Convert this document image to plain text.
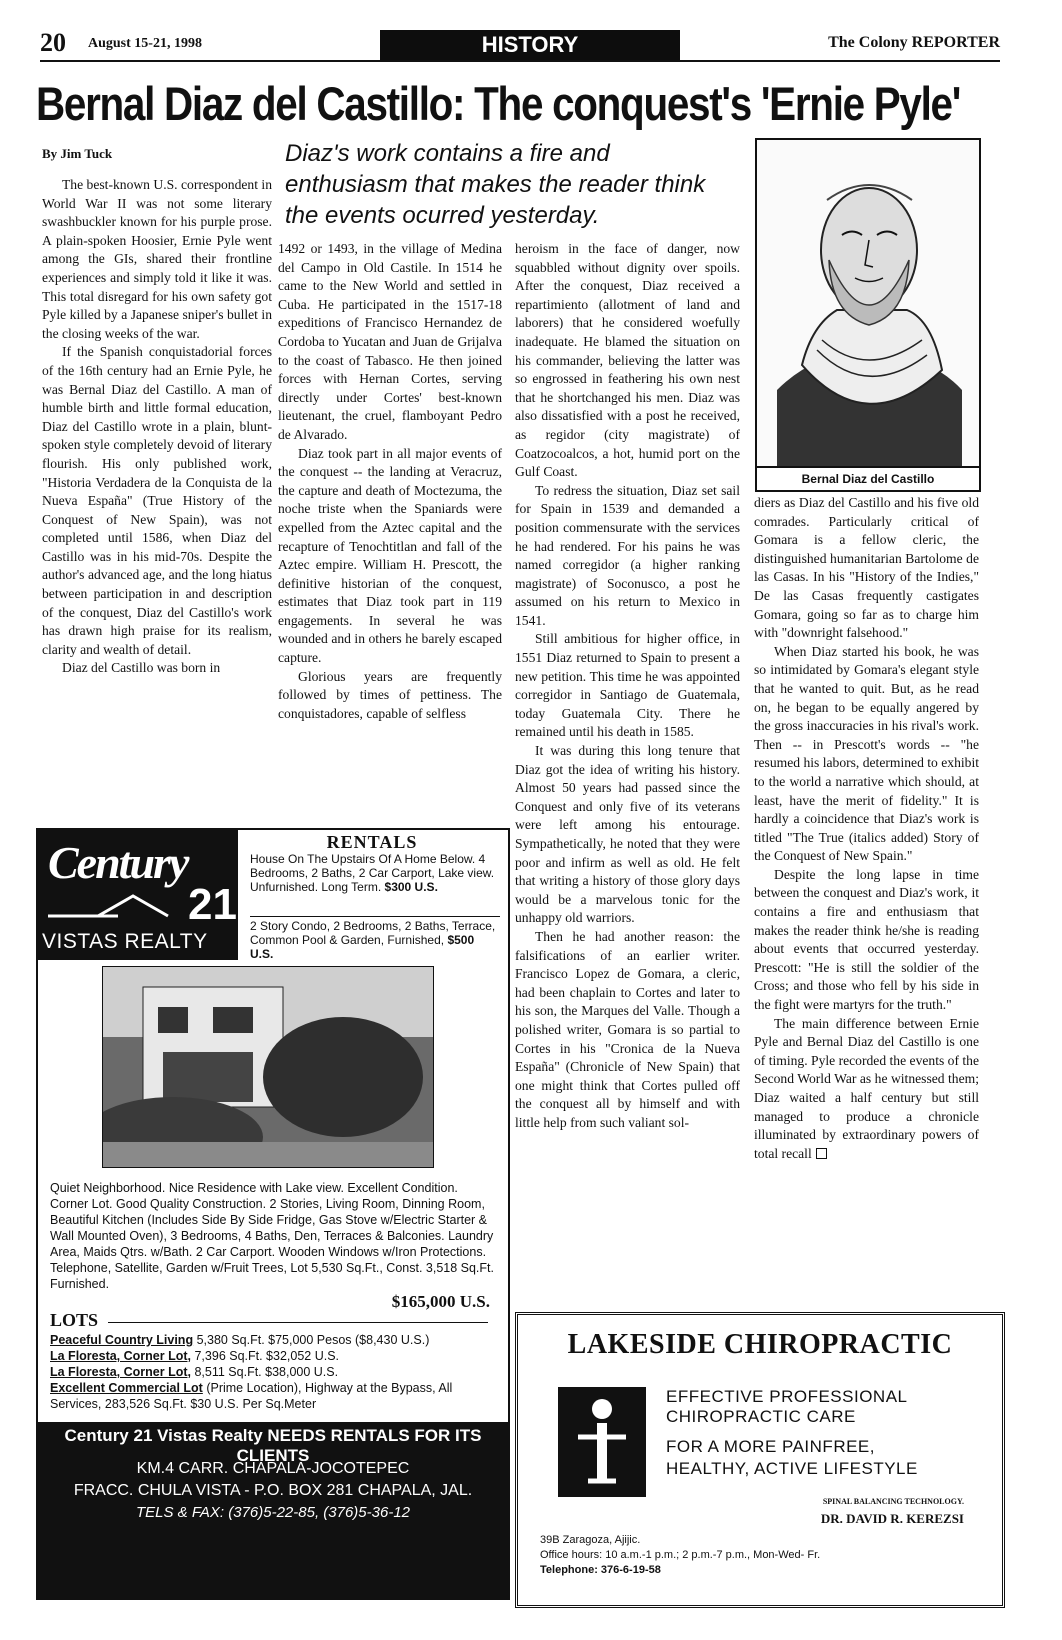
20 August 15-21, 1998	HISTORY	The Colony REPORTER
Bernal Diaz del Castillo: The conquest's 'Ernie Pyle'
By Jim Tuck	Diaz's work contains a fire and enthusiasm that makes the reader think the events ocurred yesterday.

The best-known U.S. correspondent in World War II was not some literary swashbuckler known for his purple prose. A plain-spoken Hoosier, Ernie Pyle went among the GIs, shared their frontline experiences and simply told it like it was. This total disregard for his own safety got Pyle killed by a Japanese sniper's bullet in the closing weeks of the war.

If the Spanish conquistadorial forces of the 16th century had an Ernie Pyle, he was Bernal Diaz del Castillo. A man of humble birth and little formal education, Diaz del Castillo wrote in a plain, blunt-spoken style completely devoid of literary flourish. His only published work, "Historia Verdadera de la Conquista de la Nueva España" (True History of the Conquest of New Spain), was not completed until 1586, when Diaz del Castillo was in his mid-70s. Despite the author's advanced age, and the long hiatus between participation in and description of the conquest, Diaz del Castillo's work has drawn high praise for its realism, clarity and wealth of detail.

Diaz del Castillo was born in

1492 or 1493, in the village of Medina del Campo in Old Castile. In 1514 he came to the New World and settled in Cuba. He participated in the 1517-18 expeditions of Francisco Hernandez de Cordoba to Yucatan and Juan de Grijalva to the coast of Tabasco. He then joined forces with Hernan Cortes, serving directly under Cortes' best-known lieutenant, the cruel, flamboyant Pedro de Alvarado.

Diaz took part in all major events of the conquest -- the landing at Veracruz, the capture and death of Moctezuma, the noche triste when the Spaniards were expelled from the Aztec capital and the recapture of Tenochtitlan and fall of the Aztec empire. William H. Prescott, the definitive historian of the conquest, estimates that Diaz took part in 119 engagements. In several he was wounded and in others he barely escaped capture.

Glorious years are frequently followed by times of pettiness. The conquistadores, capable of selfless

heroism in the face of danger, now squabbled without dignity over spoils. After the conquest, Diaz received a repartimiento (allotment of land and laborers) that he considered woefully inadequate. He blamed the situation on his commander, believing the latter was so engrossed in feathering his own nest that he shortchanged his men. Diaz was also dissatisfied with a post he received, as regidor (city magistrate) of Coatzocoalcos, a hot, humid port on the Gulf Coast.

To redress the situation, Diaz set sail for Spain in 1539 and demanded a position commensurate with the services he had rendered. For his pains he was named corregidor (a higher ranking magistrate) of Soconusco, a post he assumed on his return to Mexico in 1541.

Still ambitious for higher office, in 1551 Diaz returned to Spain to present a new petition. This time he was appointed corregidor in Santiago de Guatemala, today Guatemala City. There he remained until his death in 1585.

It was during this long tenure that Diaz got the idea of writing his history. Almost 50 years had passed since the Conquest and only five of its veterans were left among his entourage. Sympathetically, he noted that they were poor and infirm as well as old. He felt that writing a history of those glory days would be a marvelous tonic for the unhappy old warriors.

Then he had another reason: the falsifications of an earlier writer. Francisco Lopez de Gomara, a cleric, had been chaplain to Cortes and later to his son, the Marques del Valle. Though a polished writer, Gomara is so partial to Cortes in his "Cronica de la Nueva España" (Chronicle of New Spain) that one might think that Cortes pulled off the conquest all by himself and with little help from such valiant sol-

Bernal Diaz del Castillo

diers as Diaz del Castillo and his five old comrades. Particularly critical of Gomara is a fellow cleric, the distinguished humanitarian Bartolome de las Casas. In his "History of the Indies," De las Casas frequently castigates Gomara, going so far as to charge him with "downright falsehood."

When Diaz started his book, he was so intimidated by Gomara's elegant style that he wanted to quit. But, as he read on, he began to be equally angered by the gross inaccuracies in his rival's work. Then -- in Prescott's words -- "he resumed his labors, determined to exhibit to the world a narrative which should, at least, have the merit of fidelity." It is hardly a coincidence that Diaz's work is titled "The True (italics added) Story of the Conquest of New Spain."

Despite the long lapse in time between the conquest and Diaz's work, it contains a fire and enthusiasm that makes the reader think he/she is reading about events that occurred yesterday. Prescott: "He is still the soldier of the Cross; and those who fell by his side in the fight were martyrs for the truth."

The main difference between Ernie Pyle and Bernal Diaz del Castillo is one of timing. Pyle recorded the events of the Second World War as he witnessed them; Diaz waited a half century but still managed to produce a chronicle illuminated by extraordinary powers of total recall

Century
21
VISTAS REALTY
RENTALS
House On The Upstairs Of A Home Below. 4 Bedrooms, 2 Baths, 2 Car Carport, Lake view. Unfurnished. Long Term. $300 U.S.
2 Story Condo, 2 Bedrooms, 2 Baths, Terrace, Common Pool & Garden, Furnished, $500 U.S.
Quiet Neighborhood. Nice Residence with Lake view. Excellent Condition. Corner Lot. Good Quality Construction. 2 Stories, Living Room, Dinning Room, Beautiful Kitchen (Includes Side By Side Fridge, Gas Stove w/Electric Starter & Wall Mounted Oven), 3 Bedrooms, 4 Baths, Den, Terraces & Balconies. Laundry Area, Maids Qtrs. w/Bath. 2 Car Carport. Wooden Windows w/Iron Protections. Telephone, Satellite, Garden w/Fruit Trees, Lot 5,530 Sq.Ft., Const. 3,518 Sq.Ft. Furnished.
$165,000 U.S.
LOTS
Peaceful Country Living 5,380 Sq.Ft. $75,000 Pesos ($8,430 U.S.)
La Floresta, Corner Lot, 7,396 Sq.Ft. $32,052 U.S.
La Floresta, Corner Lot, 8,511 Sq.Ft. $38,000 U.S.
Excellent Commercial Lot (Prime Location), Highway at the Bypass, All Services, 283,526 Sq.Ft. $30 U.S. Per Sq.Meter
Century 21 Vistas Realty NEEDS RENTALS FOR ITS CLIENTS
KM.4 CARR. CHAPALA-JOCOTEPEC
FRACC. CHULA VISTA - P.O. BOX 281 CHAPALA, JAL.
TELS & FAX: (376)5-22-85, (376)5-36-12
LAKESIDE CHIROPRACTIC
EFFECTIVE PROFESSIONAL
CHIROPRACTIC CARE
FOR A MORE PAINFREE,
HEALTHY, ACTIVE LIFESTYLE
SPINAL BALANCING TECHNOLOGY.
DR. DAVID R. KEREZSI
39B Zaragoza, Ajijic.
Office hours: 10 a.m.-1 p.m.; 2 p.m.-7 p.m., Mon-Wed- Fr.
Telephone: 376-6-19-58
